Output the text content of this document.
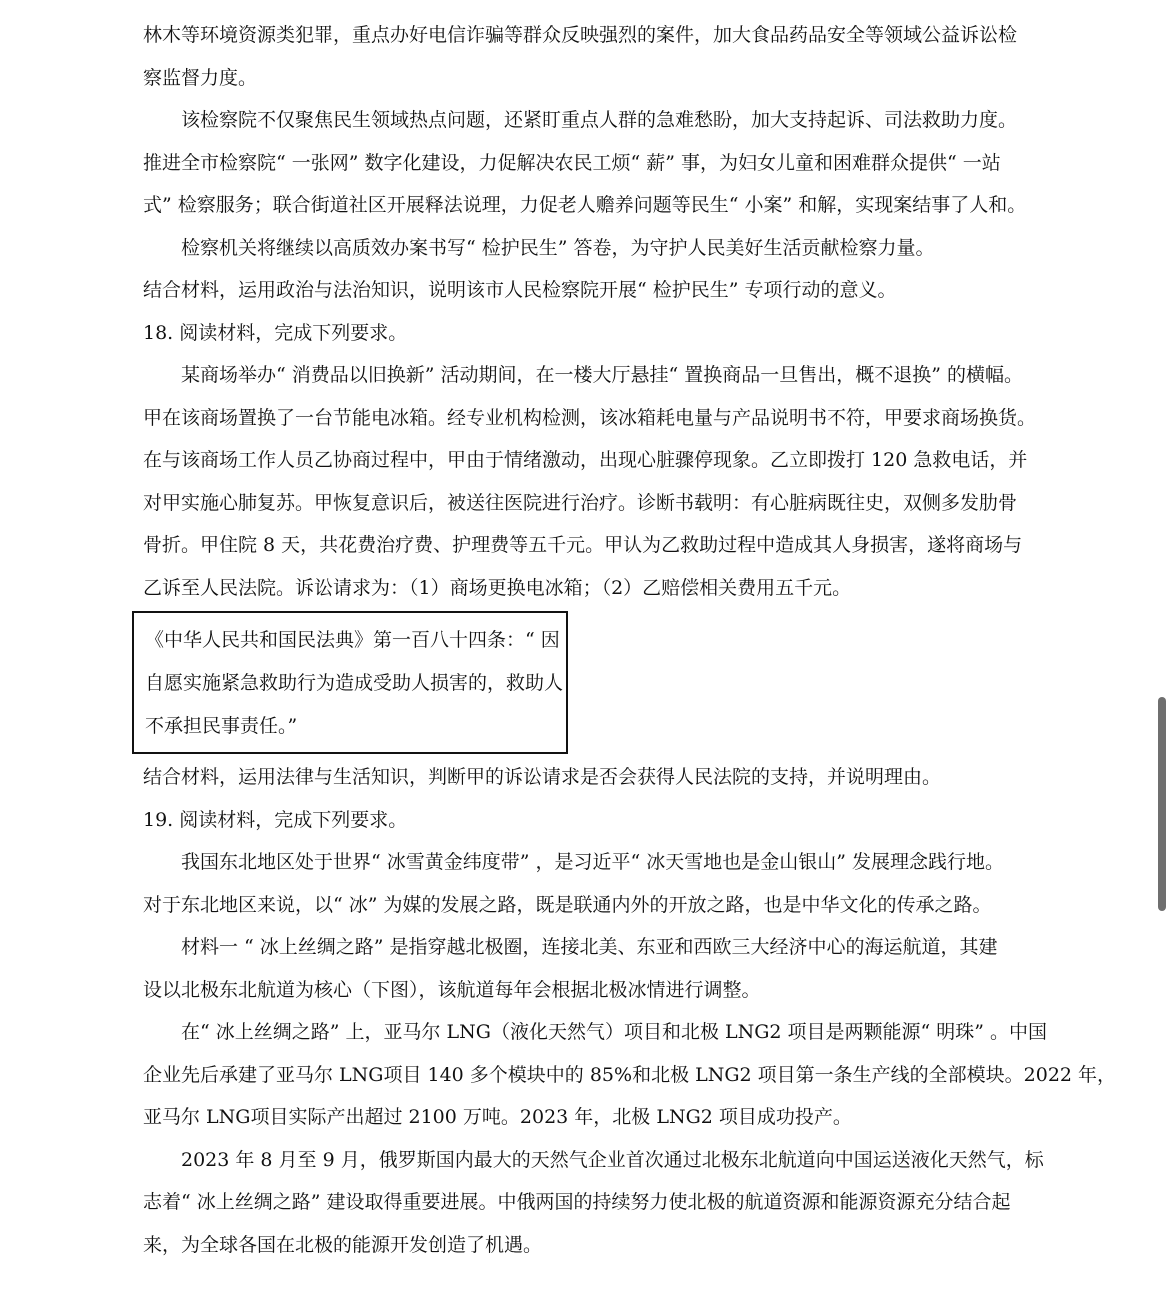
林木等环境资源类犯罪，重点办好电信诈骗等群众反映强烈的案件，加大食品药品安全等领域公益诉讼检
察监督力度。
该检察院不仅聚焦民生领域热点问题，还紧盯重点人群的急难愁盼，加大支持起诉、司法救助力度。
推进全市检察院“ 一张网” 数字化建设，力促解决农民工烦“ 薪” 事，为妇女儿童和困难群众提供“ 一站
式” 检察服务；联合街道社区开展释法说理，力促老人赡养问题等民生“ 小案” 和解，实现案结事了人和。
检察机关将继续以高质效办案书写“ 检护民生” 答卷，为守护人民美好生活贡献检察力量。
结合材料，运用政治与法治知识，说明该市人民检察院开展“ 检护民生” 专项行动的意义。
18. 阅读材料，完成下列要求。
某商场举办“ 消费品以旧换新” 活动期间，在一楼大厅悬挂“ 置换商品一旦售出，概不退换” 的横幅。
甲在该商场置换了一台节能电冰箱。经专业机构检测，该冰箱耗电量与产品说明书不符，甲要求商场换货。
在与该商场工作人员乙协商过程中，甲由于情绪激动，出现心脏骤停现象。乙立即拨打 120 急救电话，并
对甲实施心肺复苏。甲恢复意识后，被送往医院进行治疗。诊断书载明：有心脏病既往史，双侧多发肋骨
骨折。甲住院 8 天，共花费治疗费、护理费等五千元。甲认为乙救助过程中造成其人身损害，遂将商场与
乙诉至人民法院。诉讼请求为：（1）商场更换电冰箱；（2）乙赔偿相关费用五千元。
《中华人民共和国民法典》第一百八十四条：“ 因
自愿实施紧急救助行为造成受助人损害的，救助人
不承担民事责任。”
结合材料，运用法律与生活知识，判断甲的诉讼请求是否会获得人民法院的支持，并说明理由。
19. 阅读材料，完成下列要求。
我国东北地区处于世界“ 冰雪黄金纬度带” ，是习近平“ 冰天雪地也是金山银山” 发展理念践行地。
对于东北地区来说，以“ 冰” 为媒的发展之路，既是联通内外的开放之路，也是中华文化的传承之路。
材料一 “ 冰上丝绸之路” 是指穿越北极圈，连接北美、东亚和西欧三大经济中心的海运航道，其建
设以北极东北航道为核心（下图），该航道每年会根据北极冰情进行调整。
在“ 冰上丝绸之路” 上，亚马尔 LNG（液化天然气）项目和北极 LNG2 项目是两颗能源“ 明珠” 。中国
企业先后承建了亚马尔 LNG项目 140 多个模块中的 85%和北极 LNG2 项目第一条生产线的全部模块。2022 年，
亚马尔 LNG项目实际产出超过 2100 万吨。2023 年，北极 LNG2 项目成功投产。
2023 年 8 月至 9 月，俄罗斯国内最大的天然气企业首次通过北极东北航道向中国运送液化天然气，标
志着“ 冰上丝绸之路” 建设取得重要进展。中俄两国的持续努力使北极的航道资源和能源资源充分结合起
来，为全球各国在北极的能源开发创造了机遇。
